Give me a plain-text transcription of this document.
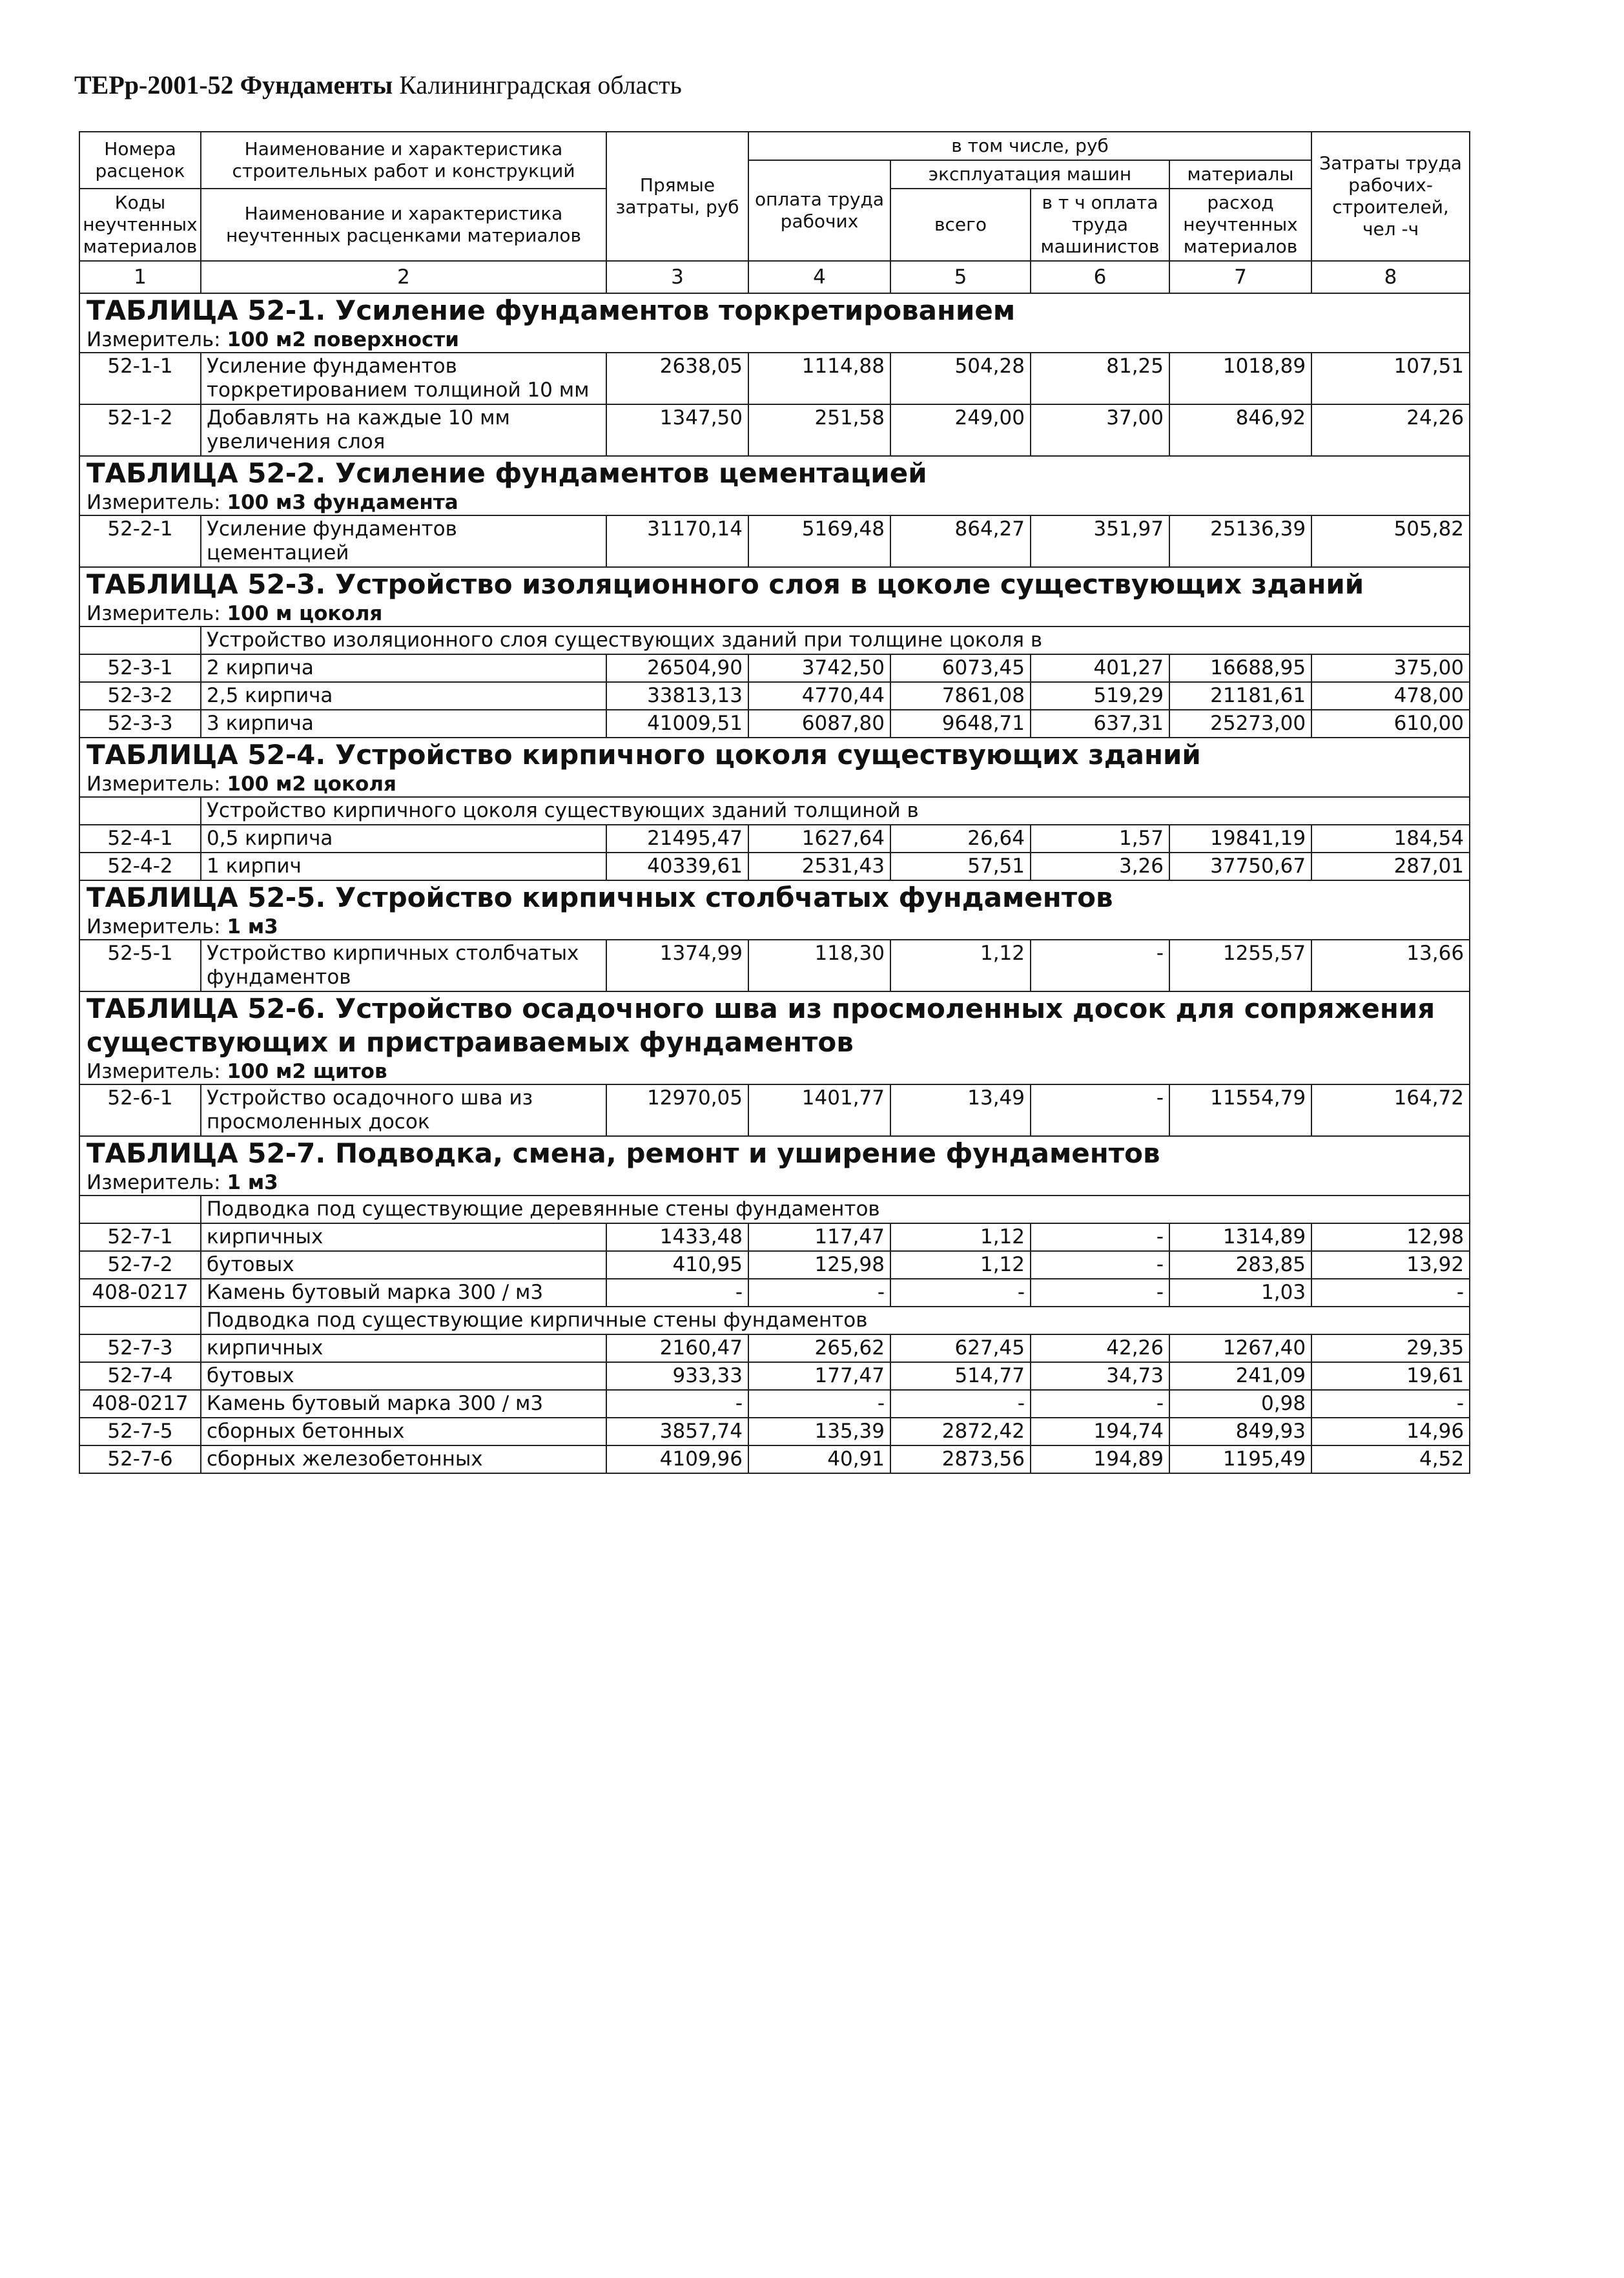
ТЕРр-2001-52 Фундаменты Калининградская область
Номера расценок	Наименование и характеристика строительных работ и конструкций	Прямые затраты, руб	в том числе, руб				Затраты труда рабочих-строителей, чел -ч
			оплата труда рабочих	эксплуатация машин		материалы	
Коды неучтенных материалов	Наименование и характеристика неучтенных расценками материалов			всего	в т ч оплата труда машинистов	расход неучтенных материалов	

1	2	3	4	5	6	7	8
ТАБЛИЦА 52-1. Усиление фундаментов торкретированием							
Измеритель: 100 м2 поверхности							
52-1-1	Усиление фундаментов торкретированием толщиной 10 мм	2638,05	1114,88	504,28	81,25	1018,89	107,51
52-1-2	Добавлять на каждые 10 мм увеличения слоя	1347,50	251,58	249,00	37,00	846,92	24,26
ТАБЛИЦА 52-2. Усиление фундаментов цементацией							
Измеритель: 100 м3 фундамента							
52-2-1	Усиление фундаментов цементацией	31170,14	5169,48	864,27	351,97	25136,39	505,82
ТАБЛИЦА 52-3. Устройство изоляционного слоя в цоколе существующих зданий							
Измеритель: 100 м цоколя							
	Устройство изоляционного слоя существующих зданий при толщине цоколя в						
52-3-1	2 кирпича	26504,90	3742,50	6073,45	401,27	16688,95	375,00
52-3-2	2,5 кирпича	33813,13	4770,44	7861,08	519,29	21181,61	478,00
52-3-3	3 кирпича	41009,51	6087,80	9648,71	637,31	25273,00	610,00
ТАБЛИЦА 52-4. Устройство кирпичного цоколя существующих зданий							
Измеритель: 100 м2 цоколя							
	Устройство кирпичного цоколя существующих зданий толщиной в						
52-4-1	0,5 кирпича	21495,47	1627,64	26,64	1,57	19841,19	184,54
52-4-2	1 кирпич	40339,61	2531,43	57,51	3,26	37750,67	287,01
ТАБЛИЦА 52-5. Устройство кирпичных столбчатых фундаментов							
Измеритель: 1 м3							
52-5-1	Устройство кирпичных столбчатых фундаментов	1374,99	118,30	1,12	-	1255,57	13,66
ТАБЛИЦА 52-6. Устройство осадочного шва из просмоленных досок для сопряжения существующих и пристраиваемых фундаментов							
Измеритель: 100 м2 щитов							
52-6-1	Устройство осадочного шва из просмоленных досок	12970,05	1401,77	13,49	-	11554,79	164,72
ТАБЛИЦА 52-7. Подводка, смена, ремонт и уширение фундаментов							
Измеритель: 1 м3							
	Подводка под существующие деревянные стены фундаментов						
52-7-1	кирпичных	1433,48	117,47	1,12	-	1314,89	12,98
52-7-2	бутовых	410,95	125,98	1,12	-	283,85	13,92
408-0217	Камень бутовый марка 300 / м3	-	-	-	-	1,03	-
	Подводка под существующие кирпичные стены фундаментов						
52-7-3	кирпичных	2160,47	265,62	627,45	42,26	1267,40	29,35
52-7-4	бутовых	933,33	177,47	514,77	34,73	241,09	19,61
408-0217	Камень бутовый марка 300 / м3	-	-	-	-	0,98	-
52-7-5	сборных бетонных	3857,74	135,39	2872,42	194,74	849,93	14,96
52-7-6	сборных железобетонных	4109,96	40,91	2873,56	194,89	1195,49	4,52
